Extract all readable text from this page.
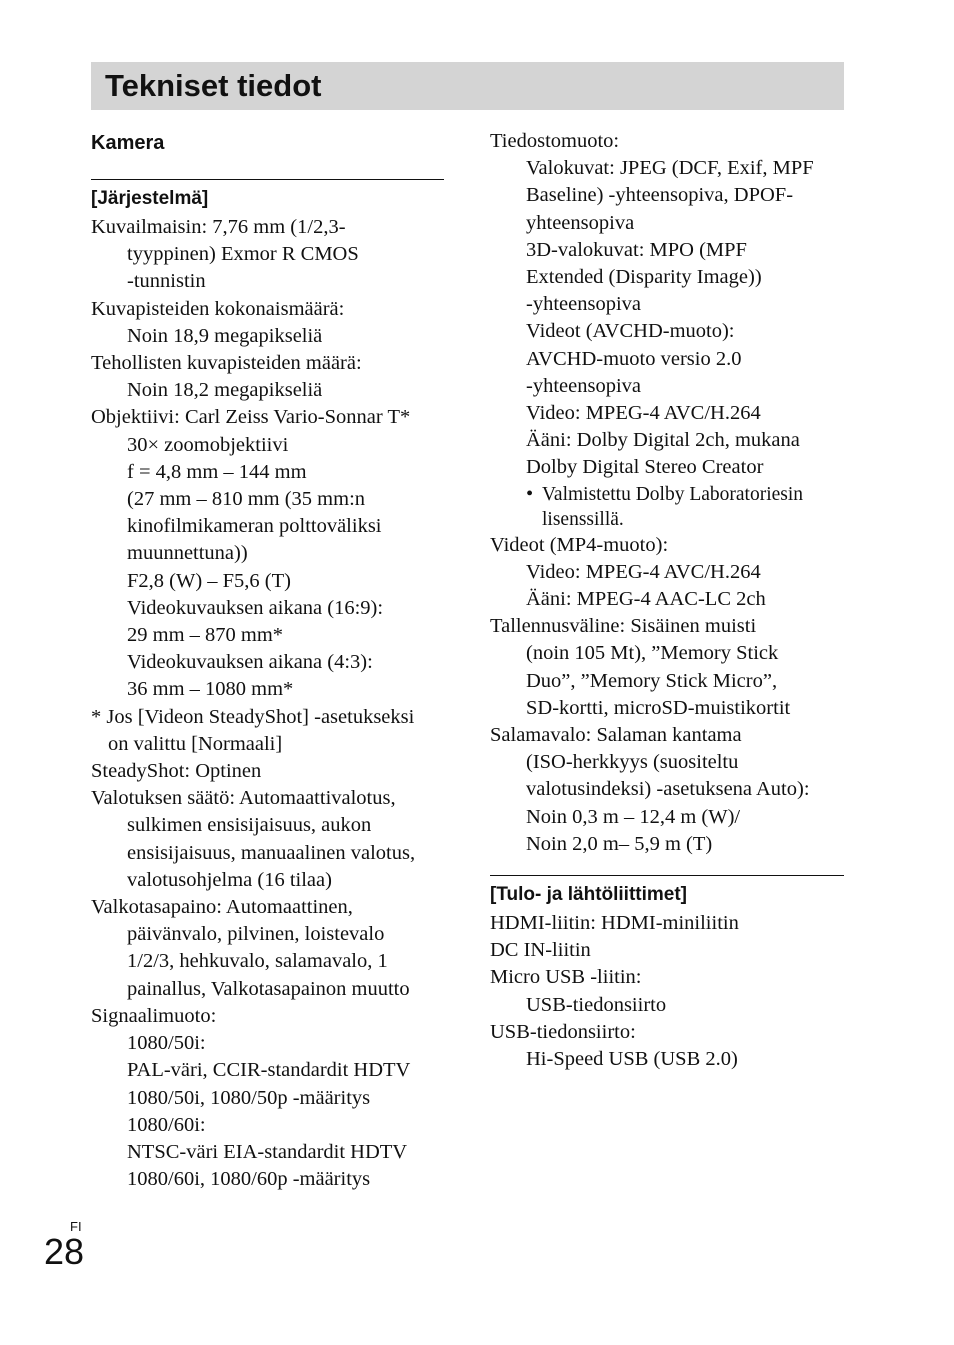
Tekniset tiedot
Kamera
[Järjestelmä]
Kuvailmaisin: 7,76 mm (1/2,3-
tyyppinen) Exmor R CMOS
-tunnistin
Kuvapisteiden kokonaismäärä:
Noin 18,9 megapikseliä
Tehollisten kuvapisteiden määrä:
Noin 18,2 megapikseliä
Objektiivi: Carl Zeiss Vario-Sonnar T*
30× zoomobjektiivi
f = 4,8 mm – 144 mm
(27 mm – 810 mm (35 mm:n
kinofilmikameran polttoväliksi
muunnettuna))
F2,8 (W) – F5,6 (T)
Videokuvauksen aikana (16:9):
29 mm – 870 mm*
Videokuvauksen aikana (4:3):
36 mm – 1080 mm*
* Jos [Videon SteadyShot] -asetukseksi
on valittu [Normaali]
SteadyShot: Optinen
Valotuksen säätö: Automaattivalotus,
sulkimen ensisijaisuus, aukon
ensisijaisuus, manuaalinen valotus,
valotusohjelma (16 tilaa)
Valkotasapaino: Automaattinen,
päivänvalo, pilvinen, loistevalo
1/2/3, hehkuvalo, salamavalo, 1
painallus, Valkotasapainon muutto
Signaalimuoto:
1080/50i:
PAL-väri, CCIR-standardit HDTV
1080/50i, 1080/50p -määritys
1080/60i:
NTSC-väri EIA-standardit HDTV
1080/60i, 1080/60p -määritys
Tiedostomuoto:
Valokuvat: JPEG (DCF, Exif, MPF
Baseline) -yhteensopiva, DPOF-
yhteensopiva
3D-valokuvat: MPO (MPF
Extended (Disparity Image))
-yhteensopiva
Videot (AVCHD-muoto):
AVCHD-muoto versio 2.0
-yhteensopiva
Video: MPEG-4 AVC/H.264
Ääni: Dolby Digital 2ch, mukana
Dolby Digital Stereo Creator
• Valmistettu Dolby Laboratoriesin
lisenssillä.
Videot (MP4-muoto):
Video: MPEG-4 AVC/H.264
Ääni: MPEG-4 AAC-LC 2ch
Tallennusväline: Sisäinen muisti
(noin 105 Mt), ”Memory Stick
Duo”, ”Memory Stick Micro”,
SD-kortti, microSD-muistikortit
Salamavalo: Salaman kantama
(ISO-herkkyys (suositeltu
valotusindeksi) -asetuksena Auto):
Noin 0,3 m – 12,4 m (W)/
Noin 2,0 m– 5,9 m (T)
[Tulo- ja lähtöliittimet]
HDMI-liitin: HDMI-miniliitin
DC IN-liitin
Micro USB -liitin:
USB-tiedonsiirto
USB-tiedonsiirto:
Hi-Speed USB (USB 2.0)
FI
28
